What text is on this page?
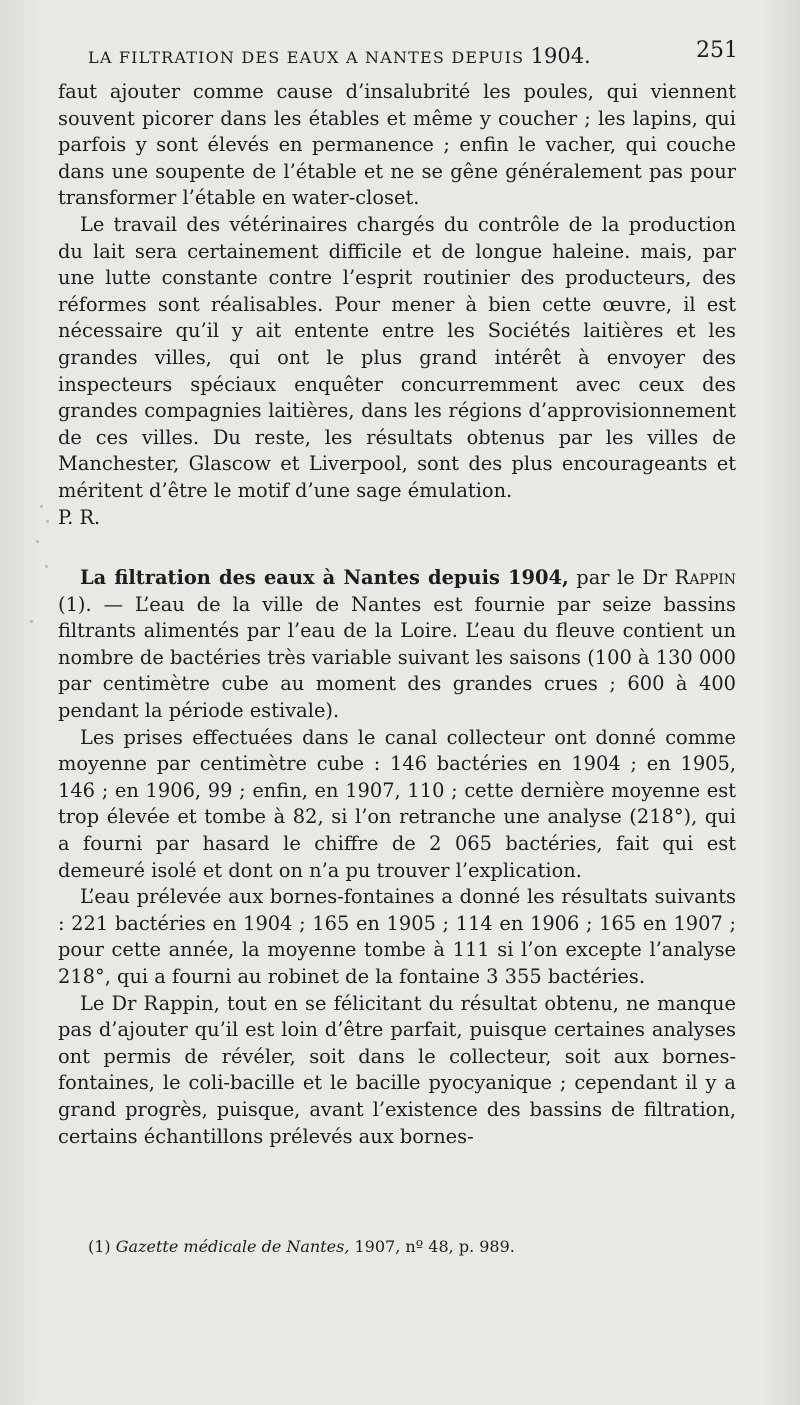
LA FILTRATION DES EAUX A NANTES DEPUIS 1904.	251

faut ajouter comme cause d’insalubrité les poules, qui viennent souvent picorer dans les étables et même y coucher ; les lapins, qui parfois y sont élevés en permanence ; enfin le vacher, qui couche dans une soupente de l’étable et ne se gêne généralement pas pour transformer l’étable en water-closet.

Le travail des vétérinaires chargés du contrôle de la production du lait sera certainement difficile et de longue haleine. mais, par une lutte constante contre l’esprit routinier des producteurs, des réformes sont réalisables. Pour mener à bien cette œuvre, il est nécessaire qu’il y ait entente entre les Sociétés laitières et les grandes villes, qui ont le plus grand intérêt à envoyer des inspecteurs spéciaux enquêter concurremment avec ceux des grandes compagnies laitières, dans les régions d’approvisionnement de ces villes. Du reste, les résultats obtenus par les villes de Manchester, Glascow et Liverpool, sont des plus encourageants et méritent d’être le motif d’une sage émulation.

P. R.

La filtration des eaux à Nantes depuis 1904, par le Dr Rappin (1). — L’eau de la ville de Nantes est fournie par seize bassins filtrants alimentés par l’eau de la Loire. L’eau du fleuve contient un nombre de bactéries très variable suivant les saisons (100 à 130 000 par centimètre cube au moment des grandes crues ; 600 à 400 pendant la période estivale).

Les prises effectuées dans le canal collecteur ont donné comme moyenne par centimètre cube : 146 bactéries en 1904 ; en 1905, 146 ; en 1906, 99 ; enfin, en 1907, 110 ; cette dernière moyenne est trop élevée et tombe à 82, si l’on retranche une analyse (218°), qui a fourni par hasard le chiffre de 2 065 bactéries, fait qui est demeuré isolé et dont on n’a pu trouver l’explication.

L’eau prélevée aux bornes-fontaines a donné les résultats suivants : 221 bactéries en 1904 ; 165 en 1905 ; 114 en 1906 ; 165 en 1907 ; pour cette année, la moyenne tombe à 111 si l’on excepte l’analyse 218°, qui a fourni au robinet de la fontaine 3 355 bactéries.

Le Dr Rappin, tout en se félicitant du résultat obtenu, ne manque pas d’ajouter qu’il est loin d’être parfait, puisque certaines analyses ont permis de révéler, soit dans le collecteur, soit aux bornes-fontaines, le coli-bacille et le bacille pyocyanique ; cependant il y a grand progrès, puisque, avant l’existence des bassins de filtration, certains échantillons prélevés aux bornes-

(1) Gazette médicale de Nantes, 1907, nº 48, p. 989.
